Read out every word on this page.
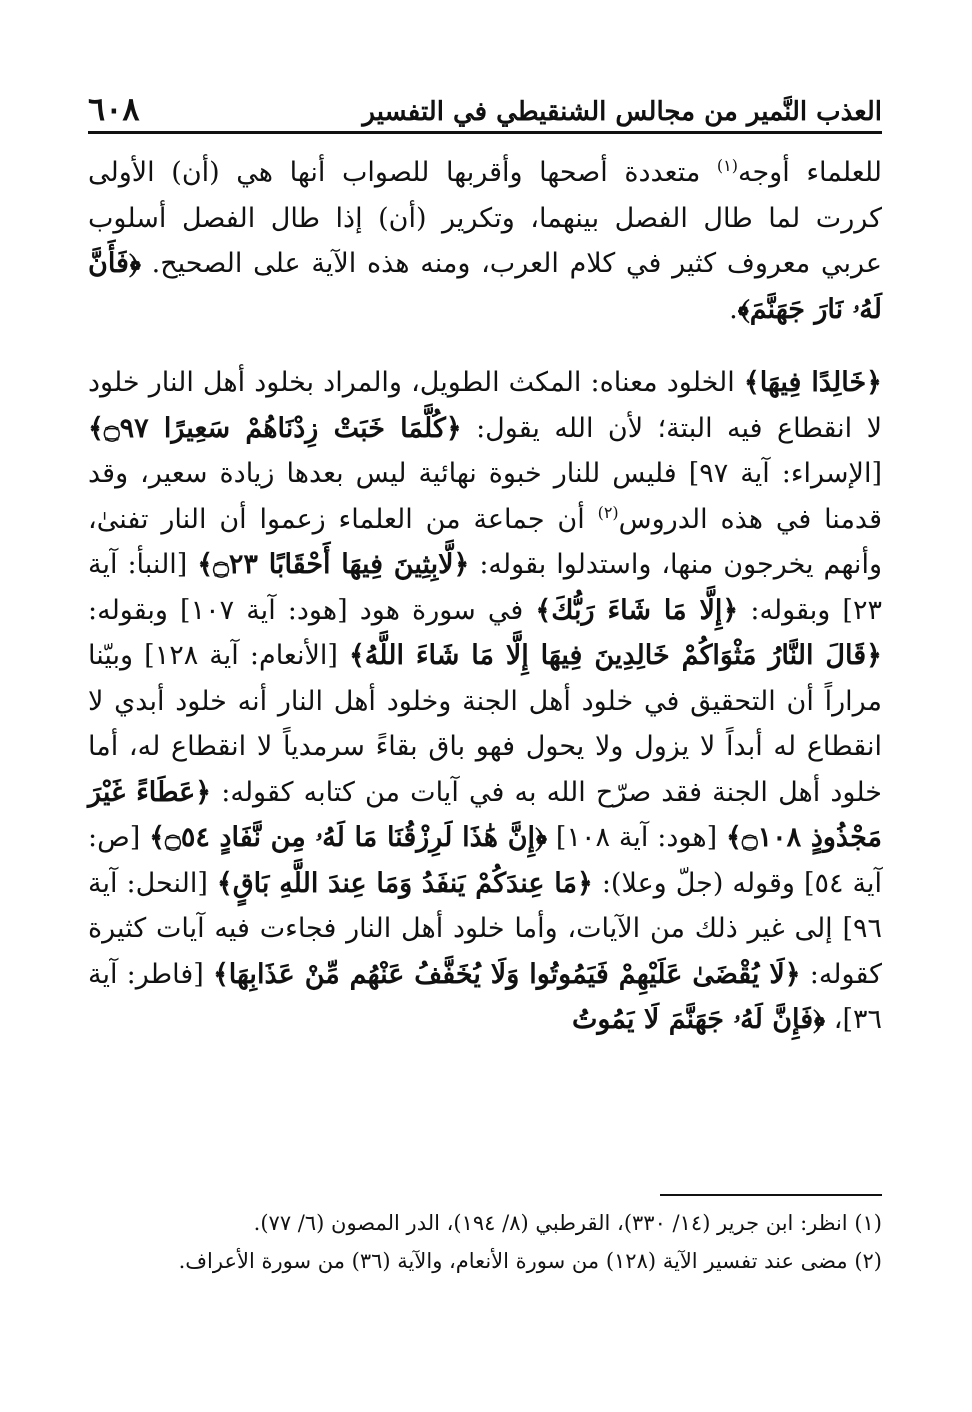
العذب النَّمير من مجالس الشنقيطي في التفسير
٦٠٨

للعلماء أوجه$^{(١)}$ متعددة أصحها وأقربها للصواب أنها هي (أن) الأولى كررت لما طال الفصل بينهما، وتكرير (أن) إذا طال الفصل أسلوب عربي معروف كثير في كلام العرب، ومنه هذه الآية على الصحيح. ﴿فَأَنَّ لَهُۥ نَارَ جَهَنَّمَ﴾.

﴿خَالِدًا فِيهَا﴾ الخلود معناه: المكث الطويل، والمراد بخلود أهل النار خلود لا انقطاع فيه البتة؛ لأن الله يقول: ﴿كُلَّمَا خَبَتْ زِدْنَاهُمْ سَعِيرًا ۝٩٧﴾ [الإسراء: آية ٩٧] فليس للنار خبوة نهائية ليس بعدها زيادة سعير، وقد قدمنا في هذه الدروس$^{(٢)}$ أن جماعة من العلماء زعموا أن النار تفنىٰ، وأنهم يخرجون منها، واستدلوا بقوله: ﴿لَّابِثِينَ فِيهَا أَحْقَابًا ۝٢٣﴾ [النبأ: آية ٢٣] وبقوله: ﴿إِلَّا مَا شَاءَ رَبُّكَ﴾ في سورة هود [هود: آية ١٠٧] وبقوله: ﴿قَالَ النَّارُ مَثْوَاكُمْ خَالِدِينَ فِيهَا إِلَّا مَا شَاءَ اللَّهُ﴾ [الأنعام: آية ١٢٨] وبيّنا مراراً أن التحقيق في خلود أهل الجنة وخلود أهل النار أنه خلود أبدي لا انقطاع له أبداً لا يزول ولا يحول فهو باق بقاءً سرمدياً لا انقطاع له، أما خلود أهل الجنة فقد صرّح الله به في آيات من كتابه كقوله: ﴿عَطَاءً غَيْرَ مَجْذُوذٍ ۝١٠٨﴾ [هود: آية ١٠٨] ﴿إِنَّ هَٰذَا لَرِزْقُنَا مَا لَهُۥ مِن نَّفَادٍ ۝٥٤﴾ [ص: آية ٥٤] وقوله (جلّ وعلا): ﴿مَا عِندَكُمْ يَنفَدُ وَمَا عِندَ اللَّهِ بَاقٍ﴾ [النحل: آية ٩٦] إلى غير ذلك من الآيات، وأما خلود أهل النار فجاءت فيه آيات كثيرة كقوله: ﴿لَا يُقْضَىٰ عَلَيْهِمْ فَيَمُوتُوا وَلَا يُخَفَّفُ عَنْهُم مِّنْ عَذَابِهَا﴾ [فاطر: آية ٣٦]، ﴿فَإِنَّ لَهُۥ جَهَنَّمَ لَا يَمُوتُ

(١) انظر: ابن جرير (١٤/ ٣٣٠)، القرطبي (٨/ ١٩٤)، الدر المصون (٦/ ٧٧).

(٢) مضى عند تفسير الآية (١٢٨) من سورة الأنعام، والآية (٣٦) من سورة الأعراف.
